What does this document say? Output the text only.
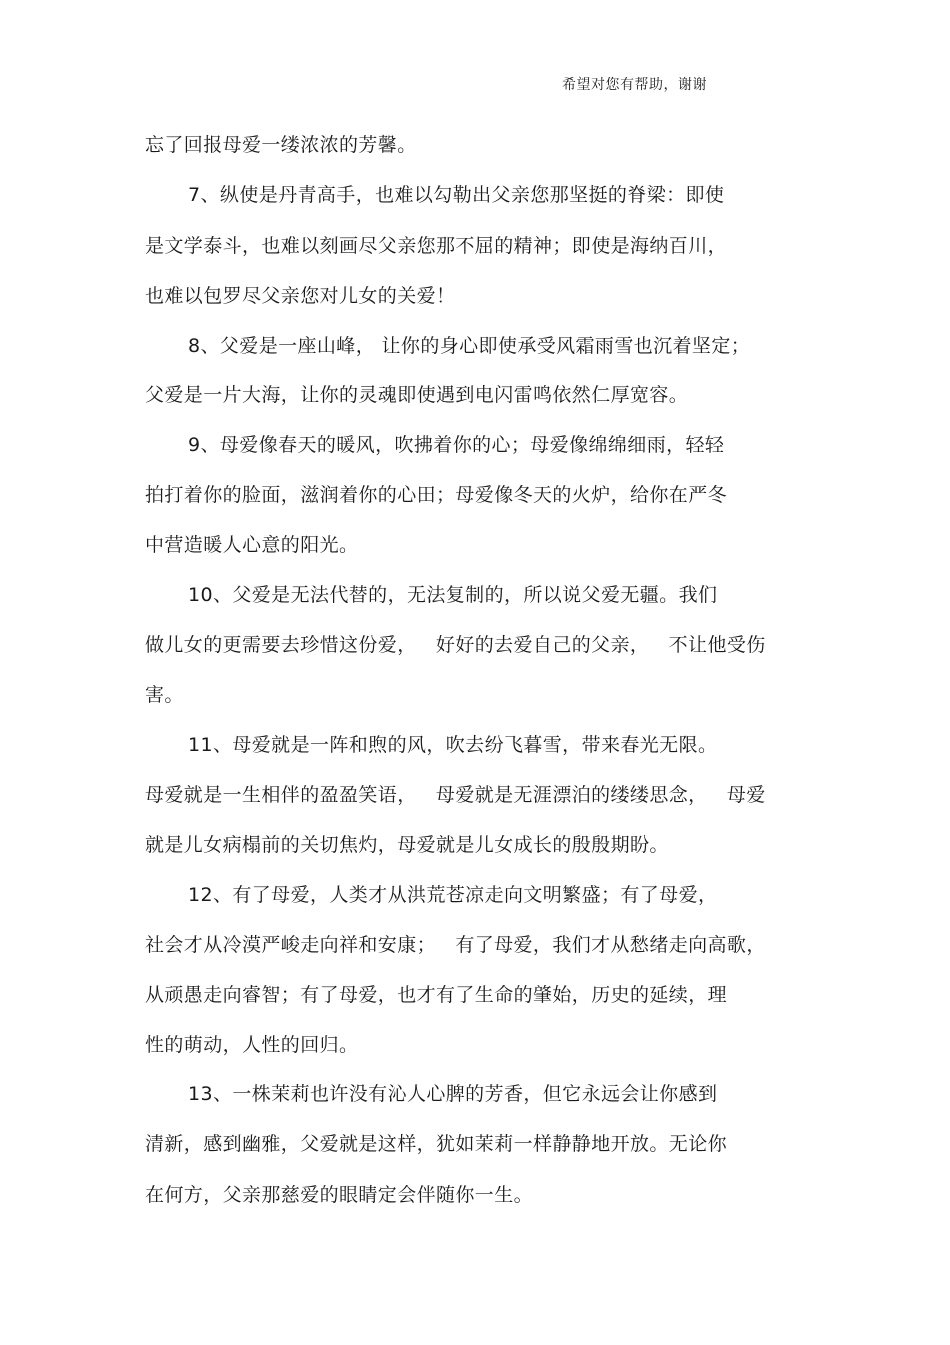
希望对您有帮助，谢谢
忘了回报母爱一缕浓浓的芳馨。
7、纵使是丹青高手，也难以勾勒出父亲您那坚挺的脊梁：即使
是文学泰斗，也难以刻画尽父亲您那不屈的精神；即使是海纳百川，
也难以包罗尽父亲您对儿女的关爱！
8、父爱是一座山峰， 让你的身心即使承受风霜雨雪也沉着坚定；
父爱是一片大海，让你的灵魂即使遇到电闪雷鸣依然仁厚宽容。
9、母爱像春天的暖风，吹拂着你的心；母爱像绵绵细雨，轻轻
拍打着你的脸面，滋润着你的心田；母爱像冬天的火炉，给你在严冬
中营造暖人心意的阳光。
10、父爱是无法代替的，无法复制的，所以说父爱无疆。我们
做儿女的更需要去珍惜这份爱，   好好的去爱自己的父亲，   不让他受伤
害。
11、母爱就是一阵和煦的风，吹去纷飞暮雪，带来春光无限。
母爱就是一生相伴的盈盈笑语，   母爱就是无涯漂泊的缕缕思念，   母爱
就是儿女病榻前的关切焦灼，母爱就是儿女成长的殷殷期盼。
12、有了母爱，人类才从洪荒苍凉走向文明繁盛；有了母爱，
社会才从冷漠严峻走向祥和安康；   有了母爱，我们才从愁绪走向高歌，
从顽愚走向睿智；有了母爱，也才有了生命的肇始，历史的延续，理
性的萌动，人性的回归。
13、一株茉莉也许没有沁人心脾的芳香，但它永远会让你感到
清新，感到幽雅，父爱就是这样，犹如茉莉一样静静地开放。无论你
在何方，父亲那慈爱的眼睛定会伴随你一生。
